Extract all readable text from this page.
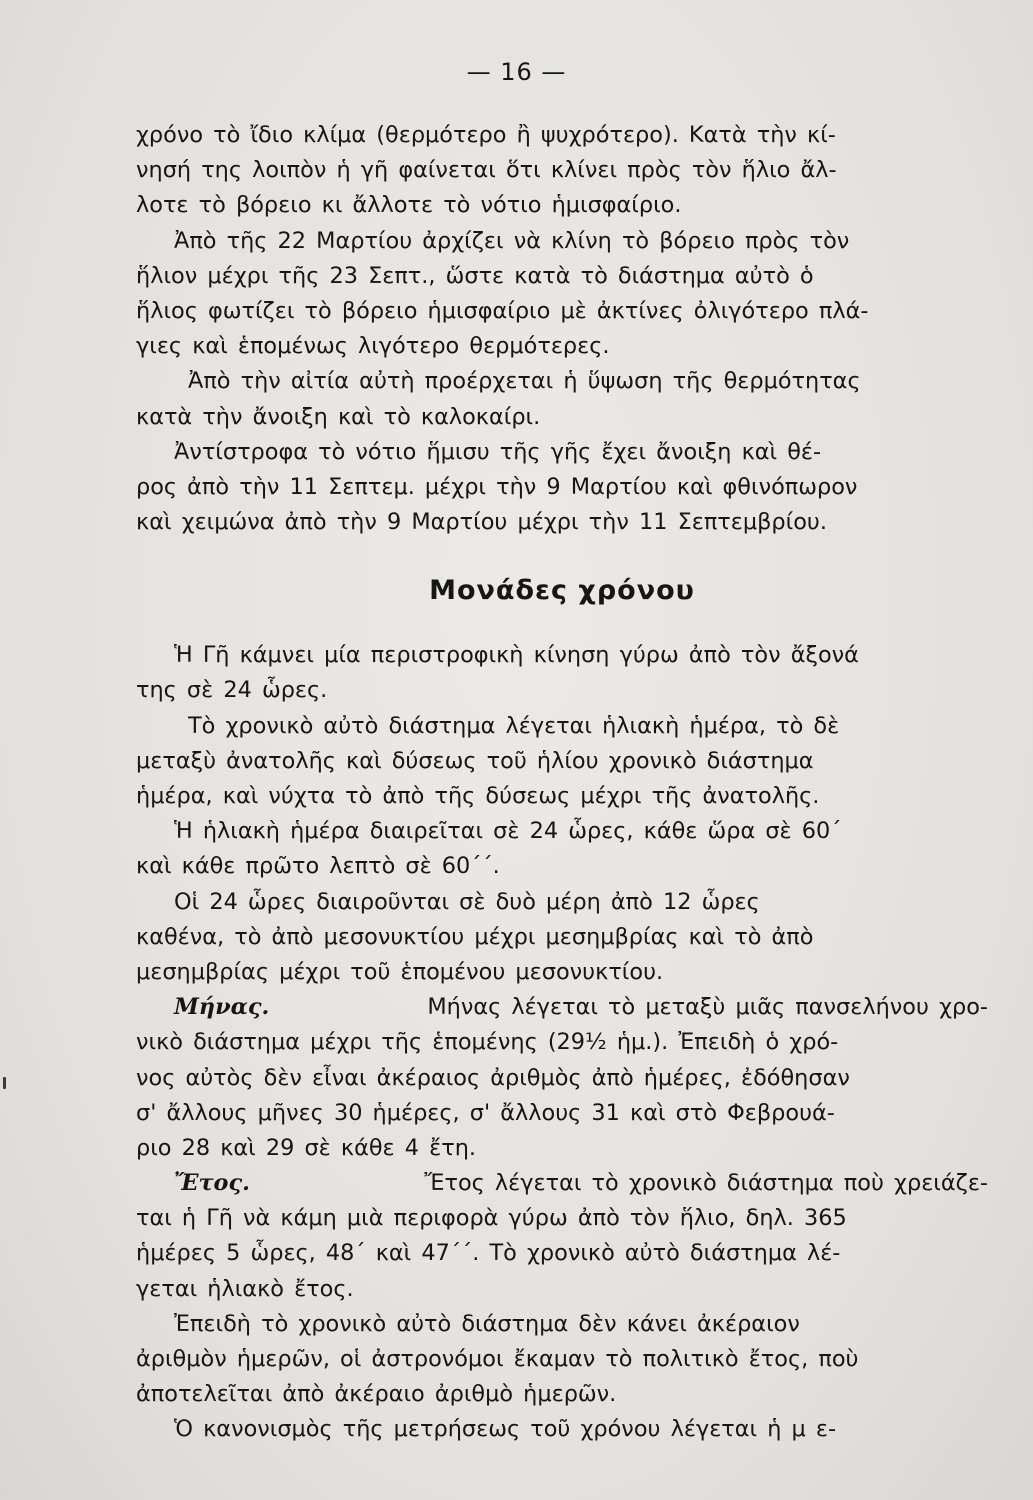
— 16 —
χρόνο τὸ ἴδιο κλίμα (θερμότερο ἢ ψυχρότερο). Κατὰ τὴν κί-
νησή της λοιπὸν ἡ γῆ φαίνεται ὅτι κλίνει πρὸς τὸν ἥλιο ἄλ-
λοτε τὸ βόρειο κι ἄλλοτε τὸ νότιο ἡμισφαίριο.
Ἀπὸ τῆς 22 Μαρτίου ἀρχίζει νὰ κλίνη τὸ βόρειο πρὸς τὸν
ἥλιον μέχρι τῆς 23 Σεπτ., ὥστε κατὰ τὸ διάστημα αὐτὸ ὁ
ἥλιος φωτίζει τὸ βόρειο ἡμισφαίριο μὲ ἀκτίνες ὀλιγότερο πλά-
γιες καὶ ἑπομένως λιγότερο θερμότερες.
Ἀπὸ τὴν αἰτία αὐτὴ προέρχεται ἡ ὕψωση τῆς θερμότητας
κατὰ τὴν ἄνοιξη καὶ τὸ καλοκαίρι.
Ἀντίστροφα τὸ νότιο ἥμισυ τῆς γῆς ἔχει ἄνοιξη καὶ θέ-
ρος ἀπὸ τὴν 11 Σεπτεμ. μέχρι τὴν 9 Μαρτίου καὶ φθινόπωρον
καὶ χειμώνα ἀπὸ τὴν 9 Μαρτίου μέχρι τὴν 11 Σεπτεμβρίου.
Μονάδες χρόνου
Ἡ Γῆ κάμνει μία περιστροφικὴ κίνηση γύρω ἀπὸ τὸν ἄξονά
της σὲ 24 ὧρες.
Τὸ χρονικὸ αὐτὸ διάστημα λέγεται ἡλιακὴ ἡμέρα, τὸ δὲ
μεταξὺ ἀνατολῆς καὶ δύσεως τοῦ ἡλίου χρονικὸ διάστημα
ἡμέρα, καὶ νύχτα τὸ ἀπὸ τῆς δύσεως μέχρι τῆς ἀνατολῆς.
Ἡ ἡλιακὴ ἡμέρα διαιρεῖται σὲ 24 ὧρες, κάθε ὥρα σὲ 60΄
καὶ κάθε πρῶτο λεπτὸ σὲ 60΄΄.
Οἱ 24 ὧρες διαιροῦνται σὲ δυὸ μέρη ἀπὸ 12 ὧρες
καθένα, τὸ ἀπὸ μεσονυκτίου μέχρι μεσημβρίας καὶ τὸ ἀπὸ
μεσημβρίας μέχρι τοῦ ἑπομένου μεσονυκτίου.
Μήνας.	Μήνας λέγεται τὸ μεταξὺ μιᾶς πανσελήνου χρο-
νικὸ διάστημα μέχρι τῆς ἑπομένης (29½ ἡμ.). Ἐπειδὴ ὁ χρό-
νος αὐτὸς δὲν εἶναι ἀκέραιος ἀριθμὸς ἀπὸ ἡμέρες, ἐδόθησαν
σ' ἄλλους μῆνες 30 ἡμέρες, σ' ἄλλους 31 καὶ στὸ Φεβρουά-
ριο 28 καὶ 29 σὲ κάθε 4 ἔτη.
Ἔτος.	Ἔτος λέγεται τὸ χρονικὸ διάστημα ποὺ χρειάζε-
ται ἡ Γῆ νὰ κάμη μιὰ περιφορὰ γύρω ἀπὸ τὸν ἥλιο, δηλ. 365
ἡμέρες 5 ὧρες, 48΄ καὶ 47΄΄. Τὸ χρονικὸ αὐτὸ διάστημα λέ-
γεται ἡλιακὸ ἔτος.
Ἐπειδὴ τὸ χρονικὸ αὐτὸ διάστημα δὲν κάνει ἀκέραιον
ἀριθμὸν ἡμερῶν, οἱ ἀστρονόμοι ἔκαμαν τὸ πολιτικὸ ἔτος, ποὺ
ἀποτελεῖται ἀπὸ ἀκέραιο ἀριθμὸ ἡμερῶν.
Ὁ κανονισμὸς τῆς μετρήσεως τοῦ χρόνου λέγεται ἡ μ ε-
